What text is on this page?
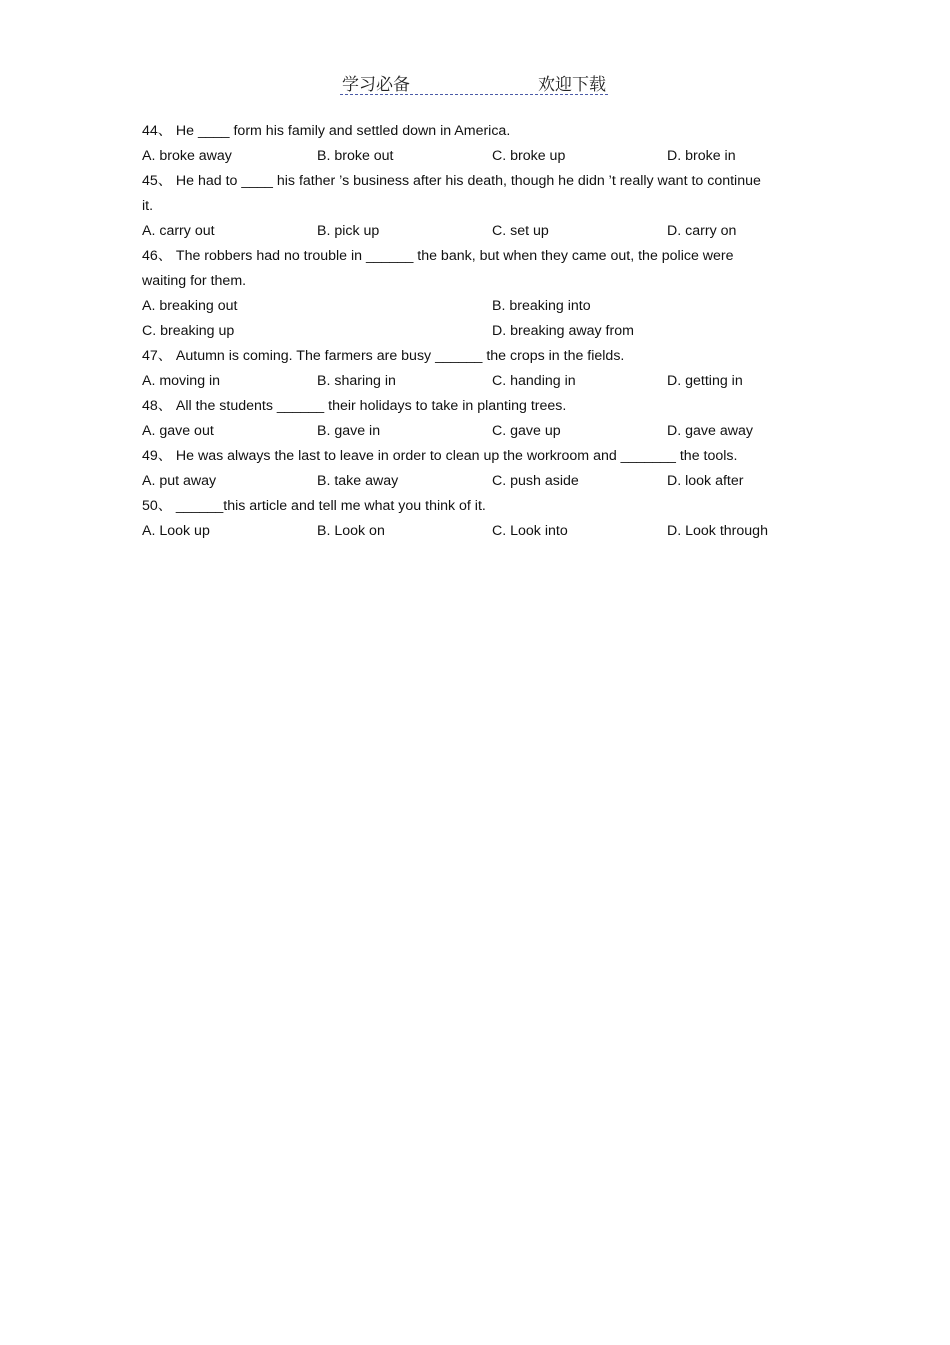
学习必备	欢迎下载
44、 He ____ form his family and settled down in America.
A. broke away	B. broke out	C. broke up	D. broke in
45、 He had to ____ his father ’s business after his death, though he didn ’t really want to continue
it.
A. carry out	B. pick up	C. set up	D. carry on
46、 The robbers had no trouble in ______ the bank, but when they came out, the police were
waiting for them.
A. breaking out	B. breaking into
C. breaking up	D. breaking away from
47、 Autumn is coming. The farmers are busy ______ the crops in the fields.
A. moving in	B. sharing in	C. handing in	D. getting in
48、 All the students ______ their holidays to take in planting trees.
A. gave out	B. gave in	C. gave up	D. gave away
49、 He was always the last to leave in order to clean up the workroom and _______ the tools.
A. put away	B. take away	C. push aside	D. look after
50、 ______this article and tell me what you think of it.
A. Look up	B. Look on	C. Look into	D. Look through
